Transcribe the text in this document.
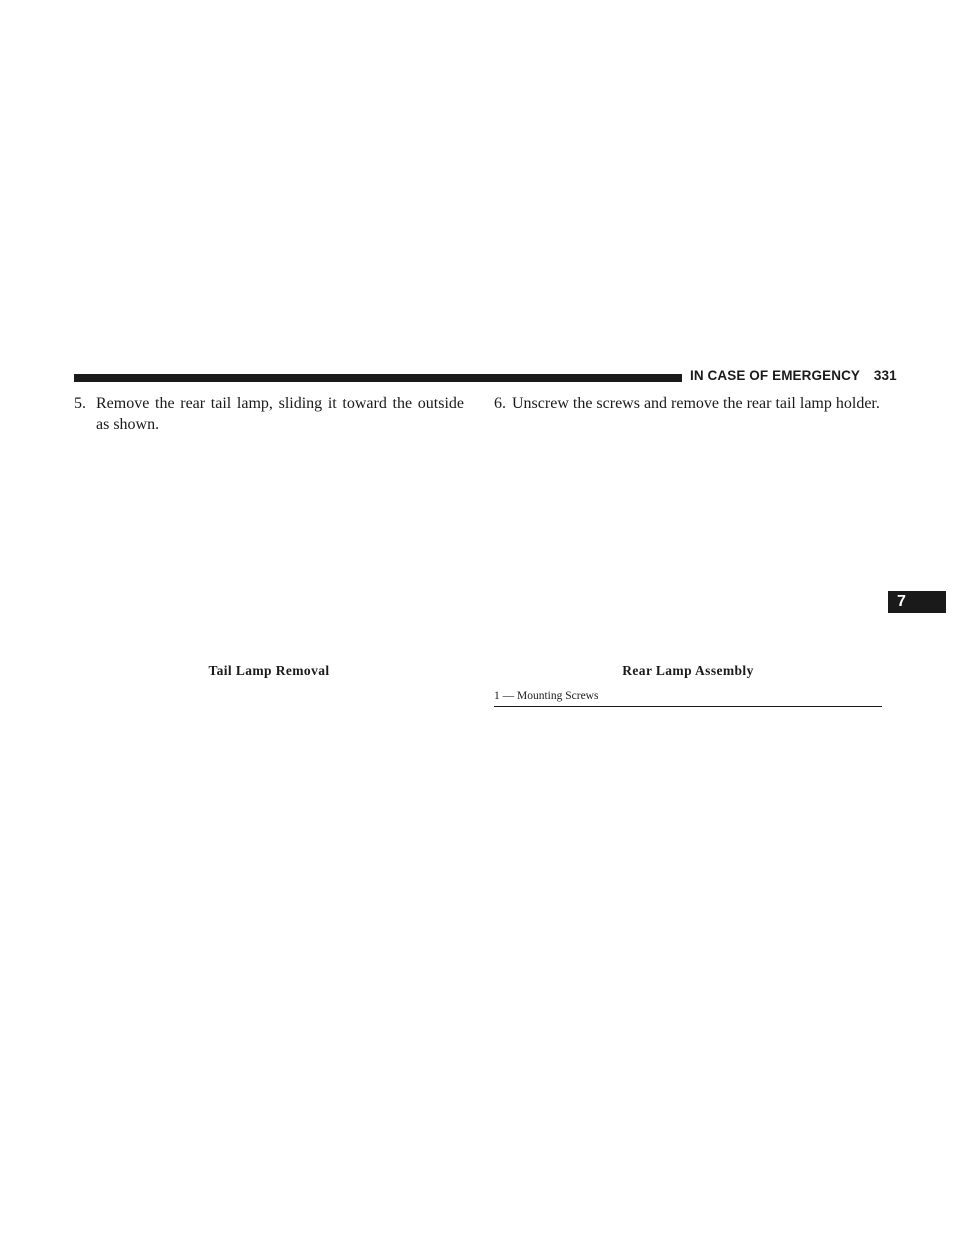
IN CASE OF EMERGENCY 331
5. Remove the rear tail lamp, sliding it toward the outside as shown.
6. Unscrew the screws and remove the rear tail lamp holder.
Tail Lamp Removal	Rear Lamp Assembly
1 — Mounting Screws
7
